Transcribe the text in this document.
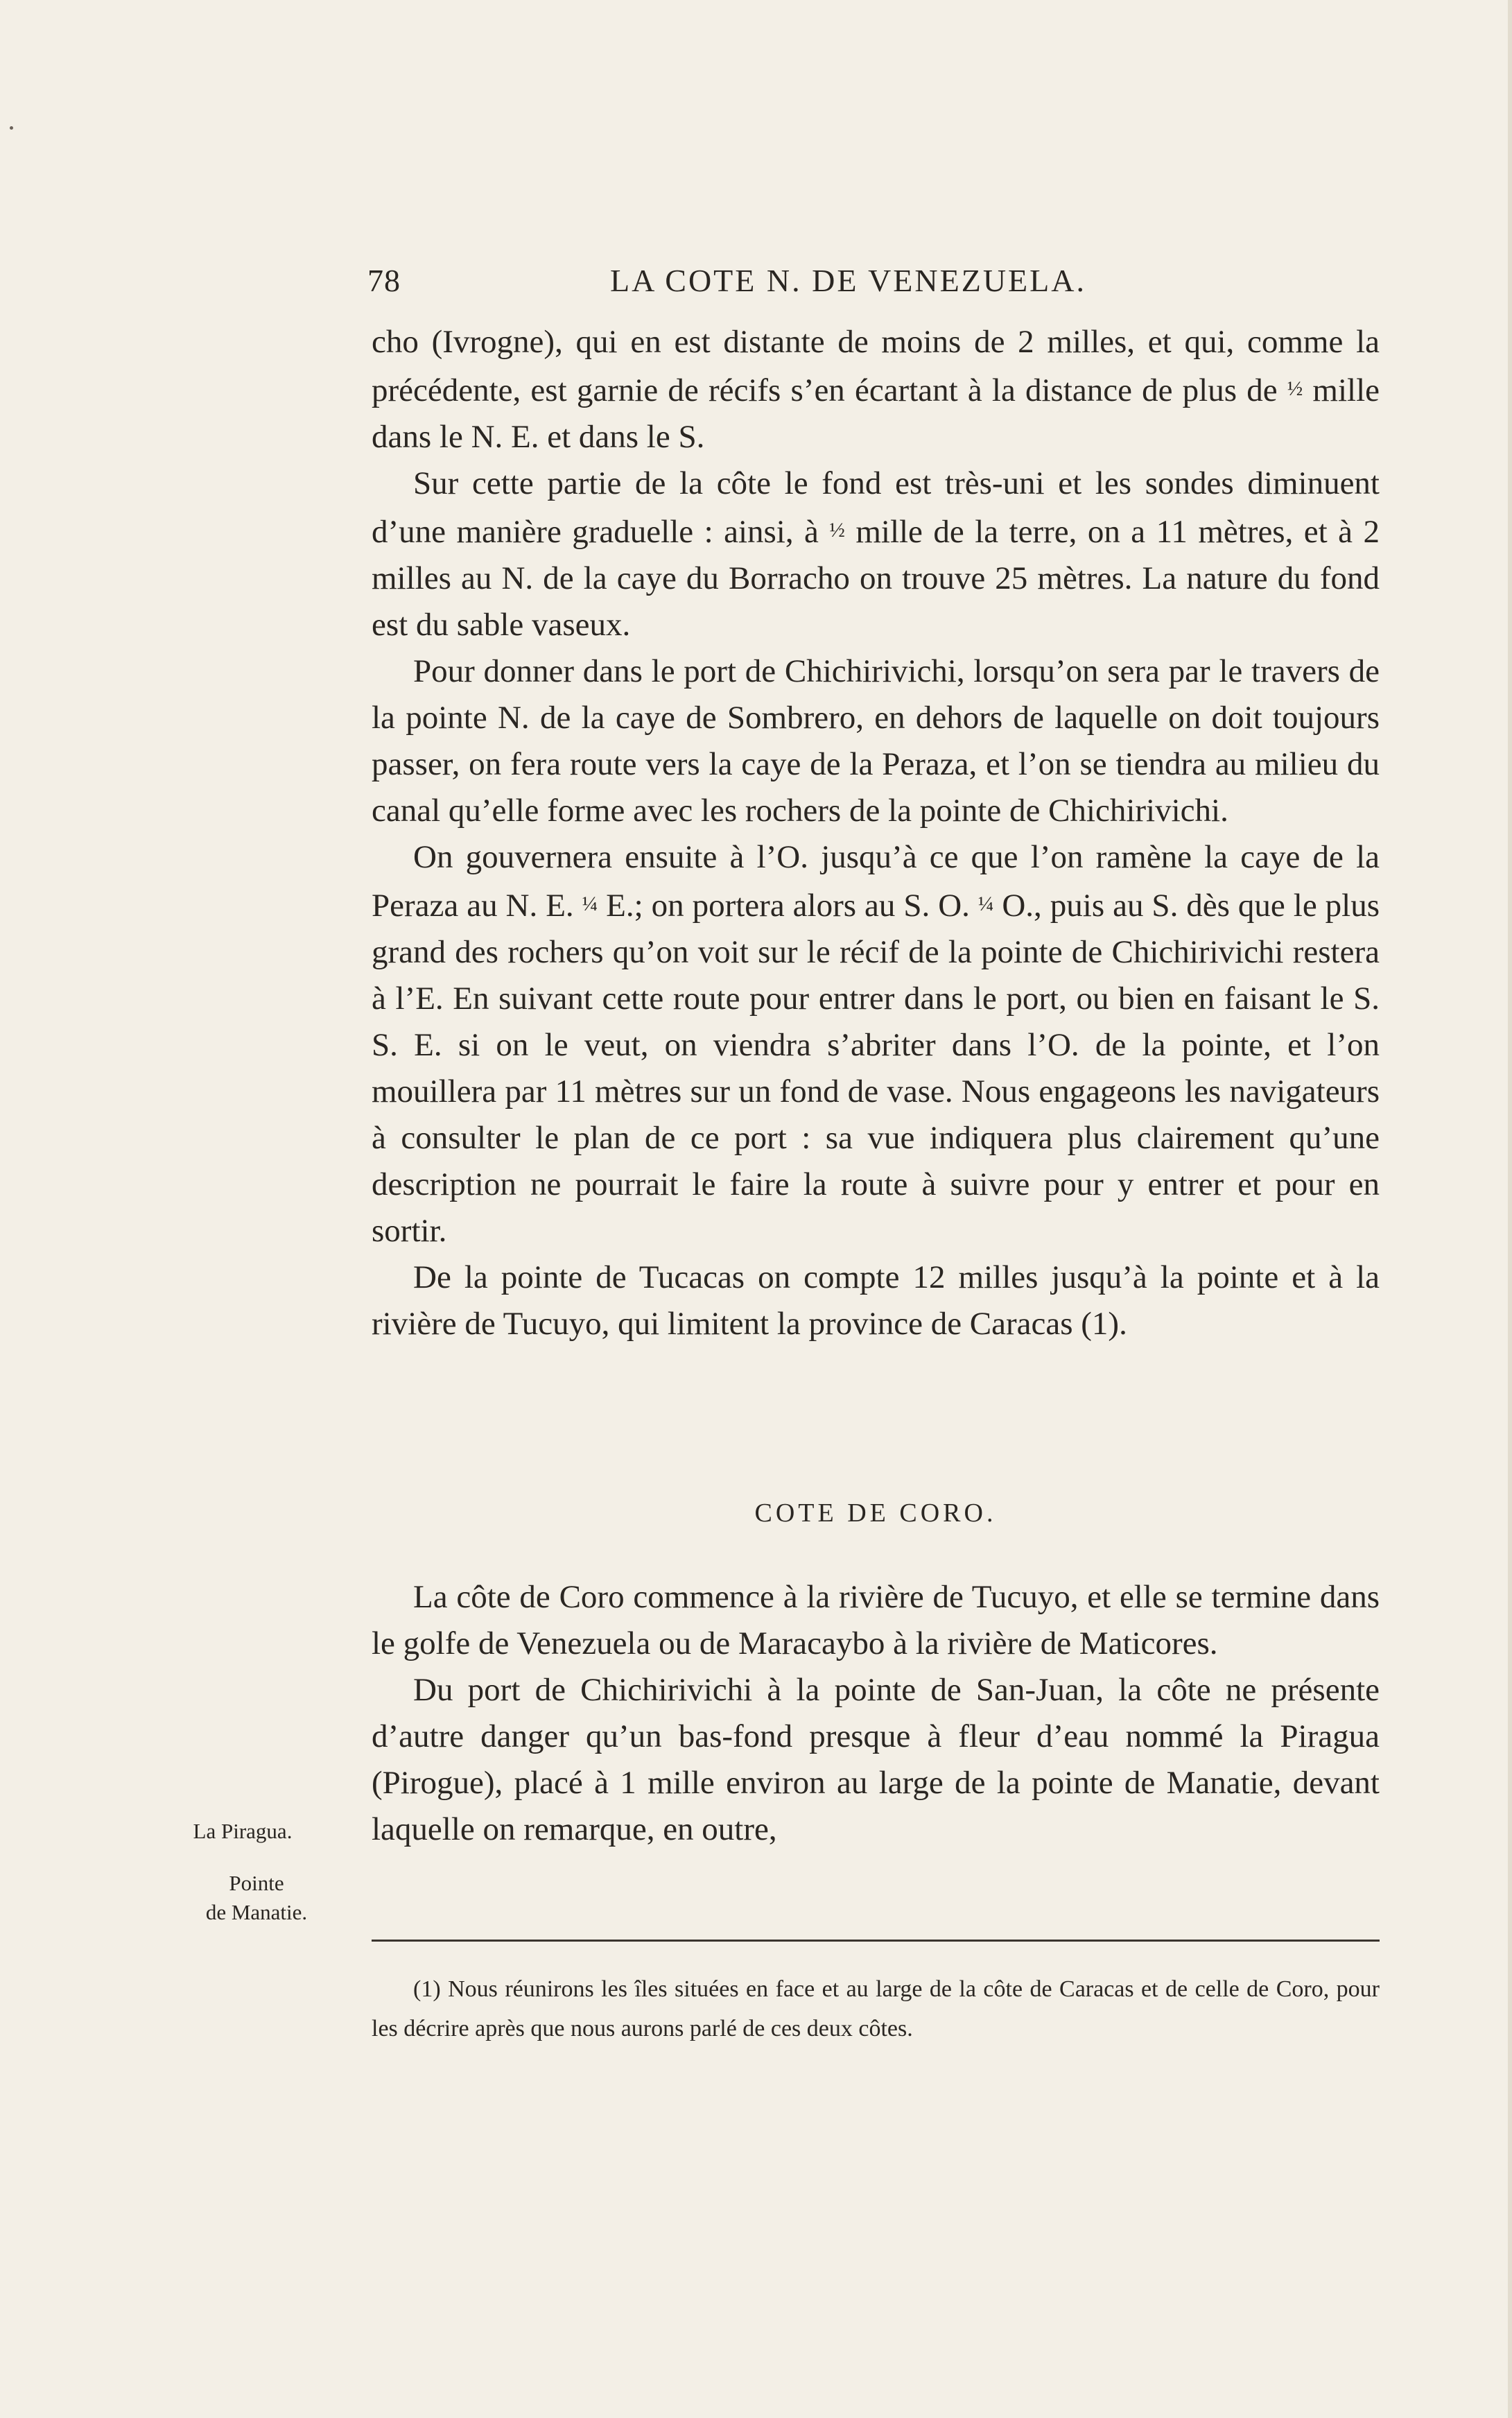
78	LA COTE N. DE VENEZUELA.

cho (Ivrogne), qui en est distante de moins de 2 milles, et qui, comme la précédente, est garnie de récifs s’en écartant à la distance de plus de ½ mille dans le N. E. et dans le S.

Sur cette partie de la côte le fond est très-uni et les sondes diminuent d’une manière graduelle : ainsi, à ½ mille de la terre, on a 11 mètres, et à 2 milles au N. de la caye du Borracho on trouve 25 mètres. La nature du fond est du sable vaseux.

Pour donner dans le port de Chichirivichi, lorsqu’on sera par le travers de la pointe N. de la caye de Sombrero, en dehors de laquelle on doit toujours passer, on fera route vers la caye de la Peraza, et l’on se tiendra au milieu du canal qu’elle forme avec les rochers de la pointe de Chichirivichi.

On gouvernera ensuite à l’O. jusqu’à ce que l’on ramène la caye de la Peraza au N. E. ¼ E.; on portera alors au S. O. ¼ O., puis au S. dès que le plus grand des rochers qu’on voit sur le récif de la pointe de Chichirivichi restera à l’E. En suivant cette route pour entrer dans le port, ou bien en faisant le S. S. E. si on le veut, on viendra s’abriter dans l’O. de la pointe, et l’on mouillera par 11 mètres sur un fond de vase. Nous engageons les navigateurs à consulter le plan de ce port : sa vue indiquera plus clairement qu’une description ne pourrait le faire la route à suivre pour y entrer et pour en sortir.

De la pointe de Tucacas on compte 12 milles jusqu’à la pointe et à la rivière de Tucuyo, qui limitent la province de Caracas (1).

COTE DE CORO.

La côte de Coro commence à la rivière de Tucuyo, et elle se termine dans le golfe de Venezuela ou de Maracaybo à la rivière de Maticores.

Du port de Chichirivichi à la pointe de San-Juan, la côte ne présente d’autre danger qu’un bas-fond presque à fleur d’eau nommé la Piragua (Pirogue), placé à 1 mille environ au large de la pointe de Manatie, devant laquelle on remarque, en outre,

La Piragua.
Pointe
de Manatie.

(1) Nous réunirons les îles situées en face et au large de la côte de Caracas et de celle de Coro, pour les décrire après que nous aurons parlé de ces deux côtes.
